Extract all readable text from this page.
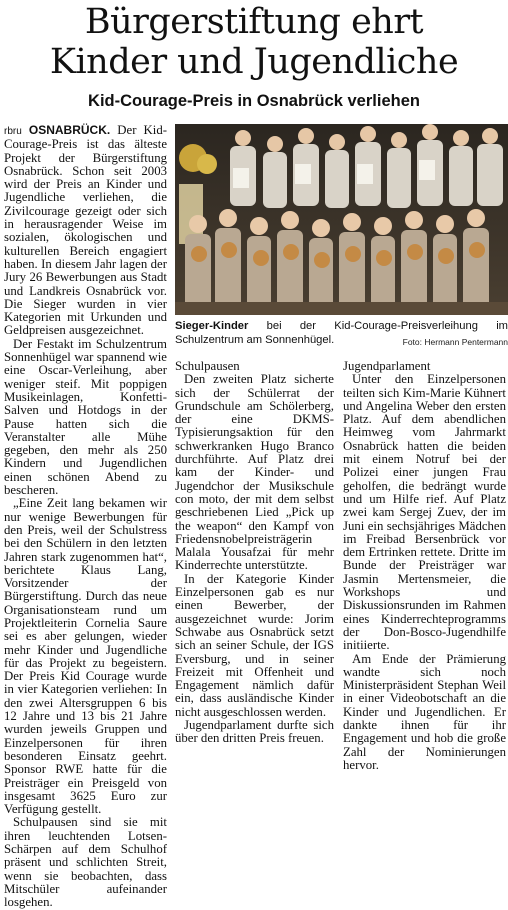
Bürgerstiftung ehrt
Kinder und Jugendliche
Kid-Courage-Preis in Osnabrück verliehen
Sieger-Kinder bei der Kid-Courage-Preisverleihung im Schulzentrum am Sonnenhügel.	Foto: Hermann Pentermann

rbru OSNABRÜCK. Der Kid-Courage-Preis ist das älteste Projekt der Bürgerstiftung Osnabrück. Schon seit 2003 wird der Preis an Kinder und Jugendliche verliehen, die Zivilcourage gezeigt oder sich in herausragender Weise im sozialen, ökologischen und kulturellen Bereich engagiert haben. In diesem Jahr lagen der Jury 26 Bewerbungen aus Stadt und Landkreis Osnabrück vor. Die Sieger wurden in vier Kategorien mit Urkunden und Geldpreisen ausgezeichnet.

Der Festakt im Schulzentrum Sonnenhügel war spannend wie eine Oscar-Verleihung, aber weniger steif. Mit poppigen Musikeinlagen, Konfetti-Salven und Hotdogs in der Pause hatten sich die Veranstalter alle Mühe gegeben, den mehr als 250 Kindern und Jugendlichen einen schönen Abend zu bescheren.

„Eine Zeit lang bekamen wir nur wenige Bewerbungen für den Preis, weil der Schulstress bei den Schülern in den letzten Jahren stark zugenommen hat“, berichtete Klaus Lang, Vorsitzender der Bürgerstiftung. Durch das neue Organisationsteam rund um Projektleiterin Cornelia Saure sei es aber gelungen, wieder mehr Kinder und Jugendliche für das Projekt zu begeistern. Der Preis Kid Courage wurde in vier Kategorien verliehen: In den zwei Altersgruppen 6 bis 12 Jahre und 13 bis 21 Jahre wurden jeweils Gruppen und Einzelpersonen für ihren besonderen Einsatz geehrt. Sponsor RWE hatte für die Preisträger ein Preisgeld von insgesamt 3625 Euro zur Verfügung gestellt.

Schulpausen sind sie mit ihren leuchtenden Lotsen-Schärpen auf dem Schulhof präsent und schlichten Streit, wenn sie beobachten, dass Mitschüler aufeinander losgehen.

Schulpausen

Den zweiten Platz sicherte sich der Schülerrat der Grundschule am Schölerberg, der eine DKMS-Typisierungsaktion für den schwerkranken Hugo Branco durchführte. Auf Platz drei kam der Kinder- und Jugendchor der Musikschule con moto, der mit dem selbst geschriebenen Lied „Pick up the weapon“ den Kampf von Friedensnobelpreisträgerin Malala Yousafzai für mehr Kinderrechte unterstützte.

In der Kategorie Kinder Einzelpersonen gab es nur einen Bewerber, der ausgezeichnet wurde: Jorim Schwabe aus Osnabrück setzt sich an seiner Schule, der IGS Eversburg, und in seiner Freizeit mit Offenheit und Engagement nämlich dafür ein, dass ausländische Kinder nicht ausgeschlossen werden.

Jugendparlament durfte sich über den dritten Preis freuen.

Jugendparlament

Unter den Einzelpersonen teilten sich Kim-Marie Kühnert und Angelina Weber den ersten Platz. Auf dem abendlichen Heimweg vom Jahrmarkt Osnabrück hatten die beiden mit einem Notruf bei der Polizei einer jungen Frau geholfen, die bedrängt wurde und um Hilfe rief. Auf Platz zwei kam Sergej Zuev, der im Juni ein sechsjähriges Mädchen im Freibad Bersenbrück vor dem Ertrinken rettete. Dritte im Bunde der Preisträger war Jasmin Mertensmeier, die Workshops und Diskussionsrunden im Rahmen eines Kinderrechteprogramms der Don-Bosco-Jugendhilfe initiierte.

Am Ende der Prämierung wandte sich noch Ministerpräsident Stephan Weil in einer Videobotschaft an die Kinder und Jugendlichen. Er dankte ihnen für ihr Engagement und hob die große Zahl der Nominierungen hervor.
